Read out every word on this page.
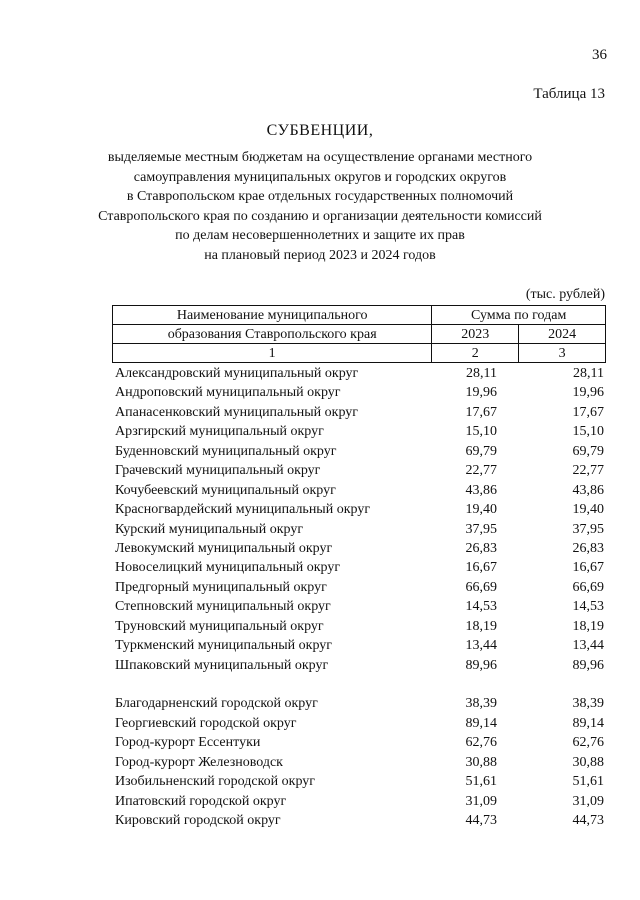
36
Таблица 13
СУБВЕНЦИИ,
выделяемые местным бюджетам на осуществление органами местного
самоуправления муниципальных округов и городских округов
в Ставропольском крае отдельных государственных полномочий
Ставропольского края по созданию и организации деятельности комиссий
по делам несовершеннолетних и защите их прав
на плановый период 2023 и 2024 годов
(тыс. рублей)
Наименование муниципального	Сумма по годам	
образования Ставропольского края	2023	2024
1	2	3
Александровский муниципальный округ	28,11	28,11
Андроповский муниципальный округ	19,96	19,96
Апанасенковский муниципальный округ	17,67	17,67
Арзгирский муниципальный округ	15,10	15,10
Буденновский муниципальный округ	69,79	69,79
Грачевский муниципальный округ	22,77	22,77
Кочубеевский муниципальный округ	43,86	43,86
Красногвардейский муниципальный округ	19,40	19,40
Курский муниципальный округ	37,95	37,95
Левокумский муниципальный округ	26,83	26,83
Новоселицкий муниципальный округ	16,67	16,67
Предгорный муниципальный округ	66,69	66,69
Степновский муниципальный округ	14,53	14,53
Труновский муниципальный округ	18,19	18,19
Туркменский муниципальный округ	13,44	13,44
Шпаковский муниципальный округ	89,96	89,96
Благодарненский городской округ	38,39	38,39
Георгиевский городской округ	89,14	89,14
Город-курорт Ессентуки	62,76	62,76
Город-курорт Железноводск	30,88	30,88
Изобильненский городской округ	51,61	51,61
Ипатовский городской округ	31,09	31,09
Кировский городской округ	44,73	44,73
